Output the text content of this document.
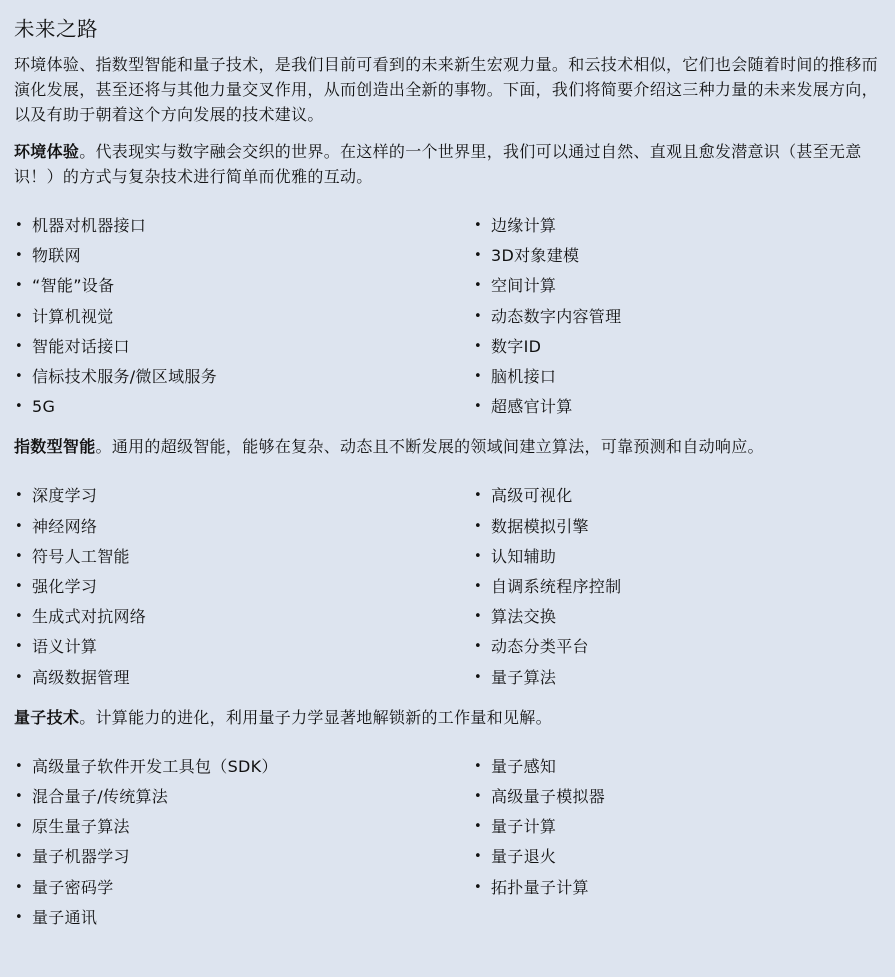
未来之路

环境体验、指数型智能和量子技术，是我们目前可看到的未来新生宏观力量。和云技术相似，它们也会随着时间的推移而演化发展，甚至还将与其他力量交叉作用，从而创造出全新的事物。下面，我们将简要介绍这三种力量的未来发展方向，以及有助于朝着这个方向发展的技术建议。

环境体验。代表现实与数字融会交织的世界。在这样的一个世界里，我们可以通过自然、直观且愈发潜意识（甚至无意识！）的方式与复杂技术进行简单而优雅的互动。

• 机器对机器接口
• 物联网
• “智能”设备
• 计算机视觉
• 智能对话接口
• 信标技术服务/微区域服务
• 5G
• 边缘计算
• 3D对象建模
• 空间计算
• 动态数字内容管理
• 数字ID
• 脑机接口
• 超感官计算

指数型智能。通用的超级智能，能够在复杂、动态且不断发展的领域间建立算法，可靠预测和自动响应。

• 深度学习
• 神经网络
• 符号人工智能
• 强化学习
• 生成式对抗网络
• 语义计算
• 高级数据管理
• 高级可视化
• 数据模拟引擎
• 认知辅助
• 自调系统程序控制
• 算法交换
• 动态分类平台
• 量子算法

量子技术。计算能力的进化，利用量子力学显著地解锁新的工作量和见解。

• 高级量子软件开发工具包（SDK）
• 混合量子/传统算法
• 原生量子算法
• 量子机器学习
• 量子密码学
• 量子通讯
• 量子感知
• 高级量子模拟器
• 量子计算
• 量子退火
• 拓扑量子计算
